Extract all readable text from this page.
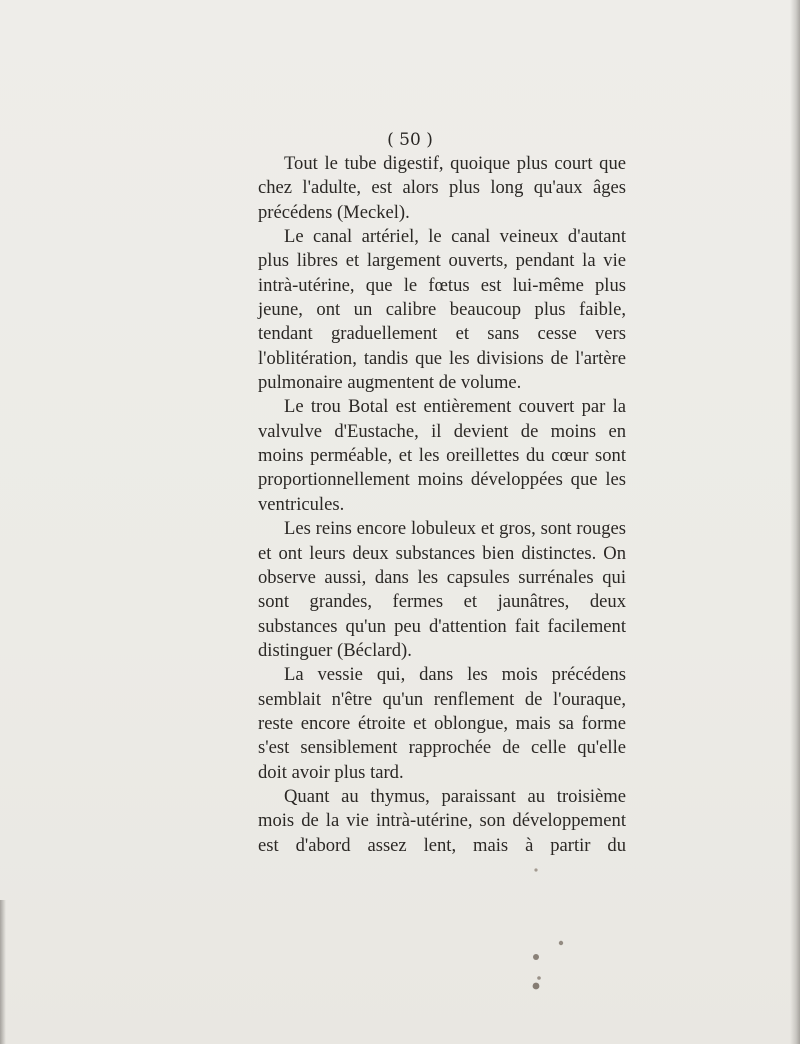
( 50 )

Tout le tube digestif, quoique plus court que chez l'adulte, est alors plus long qu'aux âges précédens (Meckel).

Le canal artériel, le canal veineux d'autant plus libres et largement ouverts, pendant la vie intrà-utérine, que le fœtus est lui-même plus jeune, ont un calibre beaucoup plus faible, tendant graduellement et sans cesse vers l'oblitération, tandis que les divisions de l'artère pulmonaire augmentent de volume.

Le trou Botal est entièrement couvert par la valvulve d'Eustache, il devient de moins en moins perméable, et les oreillettes du cœur sont proportionnellement moins développées que les ventricules.

Les reins encore lobuleux et gros, sont rouges et ont leurs deux substances bien distinctes. On observe aussi, dans les capsules surrénales qui sont grandes, fermes et jaunâtres, deux substances qu'un peu d'attention fait facilement distinguer (Béclard).

La vessie qui, dans les mois précédens semblait n'être qu'un renflement de l'ouraque, reste encore étroite et oblongue, mais sa forme s'est sensiblement rapprochée de celle qu'elle doit avoir plus tard.

Quant au thymus, paraissant au troisième mois de la vie intrà-utérine, son développement est d'abord assez lent, mais à partir du
